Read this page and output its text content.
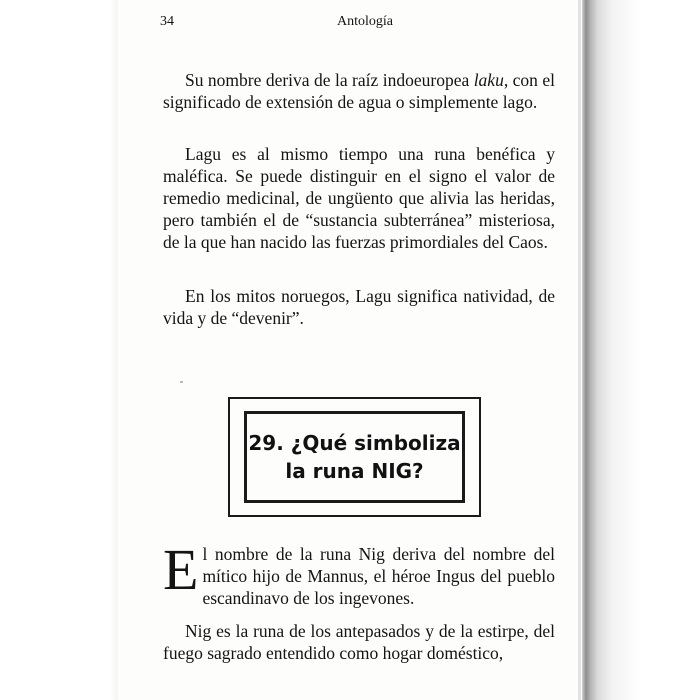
34	Antología

Su nombre deriva de la raíz indoeuropea laku, con el significado de extensión de agua o simplemente lago.

Lagu es al mismo tiempo una runa benéfica y maléfica. Se puede distinguir en el signo el valor de remedio medicinal, de ungüento que alivia las heridas, pero también el de “sustancia subterránea” misteriosa, de la que han nacido las fuerzas primordiales del Caos.

En los mitos noruegos, Lagu significa natividad, de vida y de “devenir”.

29. ¿Qué simboliza
la runa NIG?

El nombre de la runa Nig deriva del nombre del mítico hijo de Mannus, el héroe Ingus del pueblo escandinavo de los ingevones.

Nig es la runa de los antepasados y de la estirpe, del fuego sagrado entendido como hogar doméstico,
